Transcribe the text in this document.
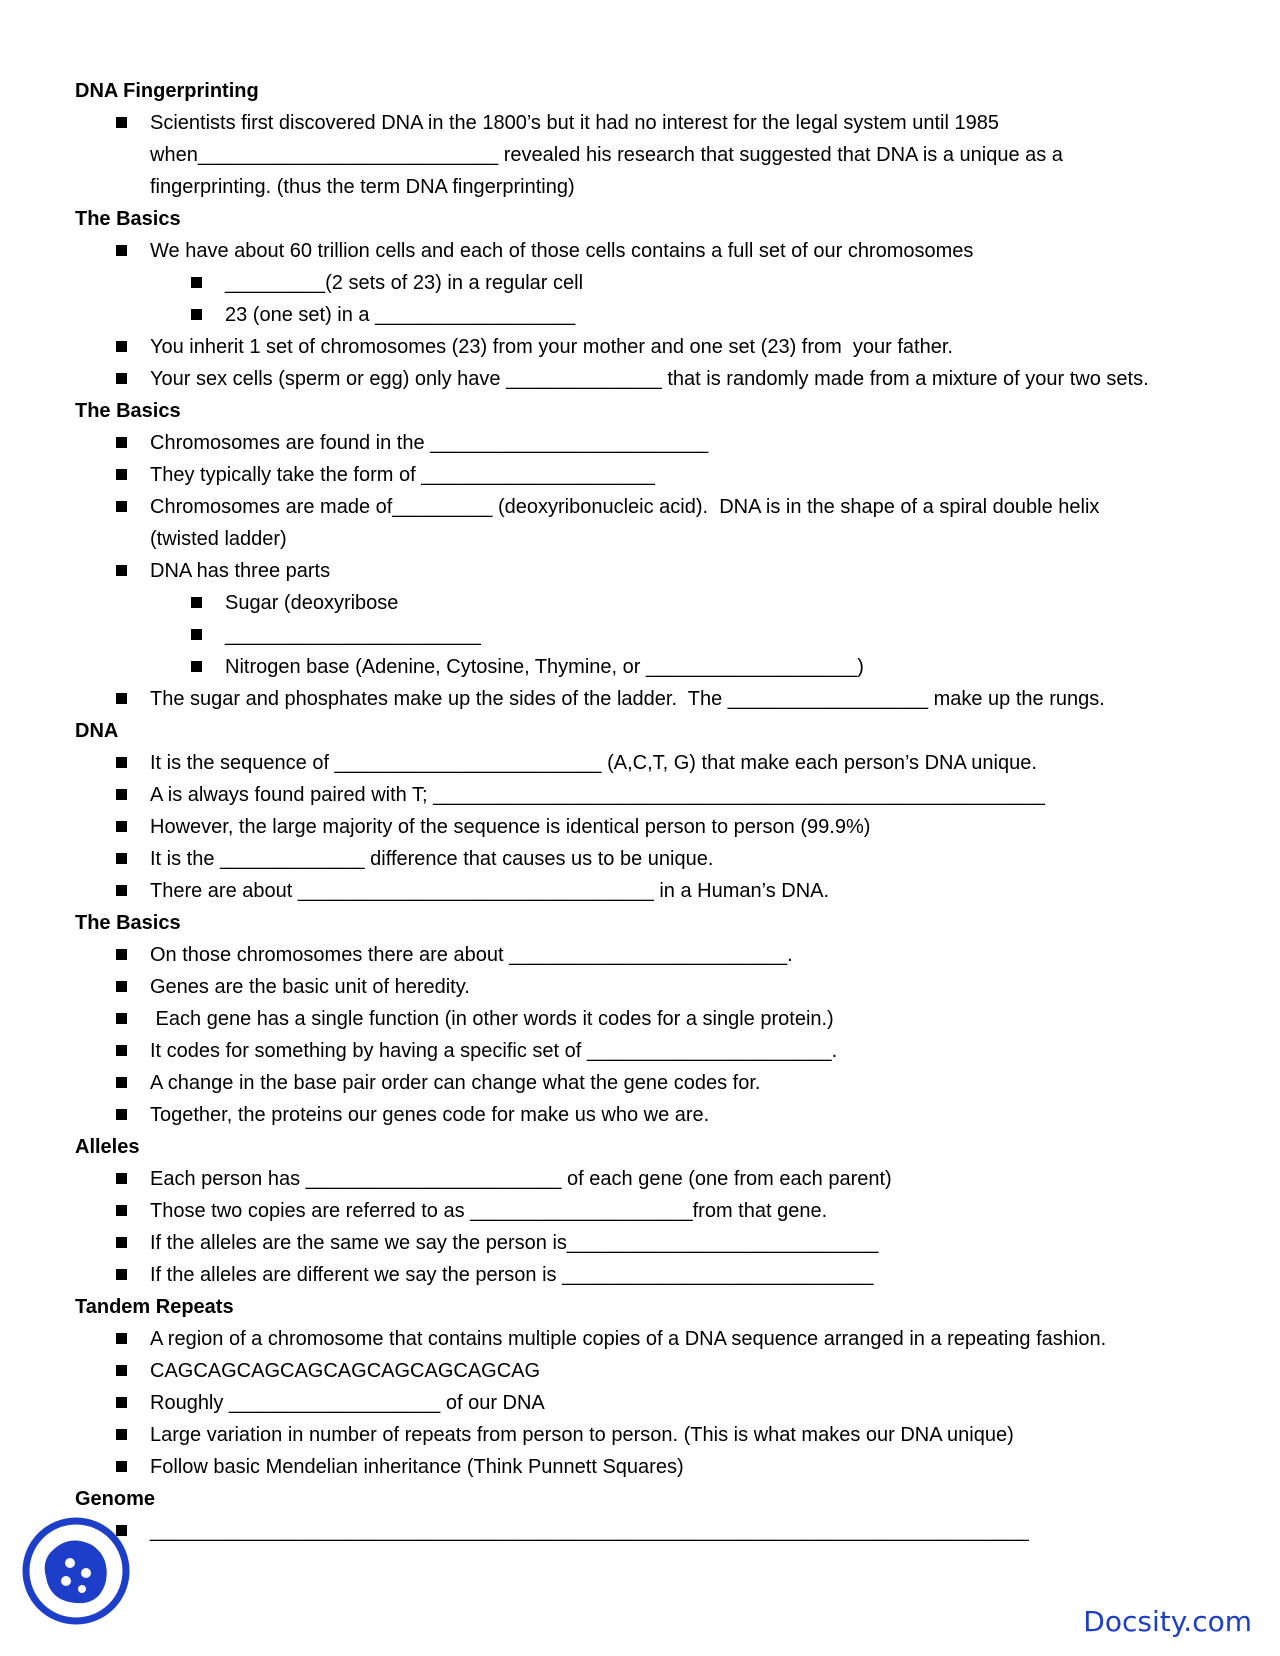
DNA Fingerprinting
Scientists first discovered DNA in the 1800’s but it had no interest for the legal system until 1985
when___________________________ revealed his research that suggested that DNA is a unique as a
fingerprinting. (thus the term DNA fingerprinting)
The Basics
We have about 60 trillion cells and each of those cells contains a full set of our chromosomes
_________(2 sets of 23) in a regular cell
23 (one set) in a __________________
You inherit 1 set of chromosomes (23) from your mother and one set (23) from  your father.
Your sex cells (sperm or egg) only have ______________ that is randomly made from a mixture of your two sets.
The Basics
Chromosomes are found in the _________________________
They typically take the form of _____________________
Chromosomes are made of_________ (deoxyribonucleic acid).  DNA is in the shape of a spiral double helix
(twisted ladder)
DNA has three parts
Sugar (deoxyribose
_______________________
Nitrogen base (Adenine, Cytosine, Thymine, or ___________________)
The sugar and phosphates make up the sides of the ladder.  The __________________ make up the rungs.
DNA
It is the sequence of ________________________ (A,C,T, G) that make each person’s DNA unique.
A is always found paired with T; _______________________________________________________
However, the large majority of the sequence is identical person to person (99.9%)
It is the _____________ difference that causes us to be unique.
There are about ________________________________ in a Human’s DNA.
The Basics
On those chromosomes there are about _________________________.
Genes are the basic unit of heredity.
Each gene has a single function (in other words it codes for a single protein.)
It codes for something by having a specific set of ______________________.
A change in the base pair order can change what the gene codes for.
Together, the proteins our genes code for make us who we are.
Alleles
Each person has _______________________ of each gene (one from each parent)
Those two copies are referred to as ____________________from that gene.
If the alleles are the same we say the person is____________________________
If the alleles are different we say the person is ____________________________
Tandem Repeats
A region of a chromosome that contains multiple copies of a DNA sequence arranged in a repeating fashion.
CAGCAGCAGCAGCAGCAGCAGCAGCAG
Roughly ___________________ of our DNA
Large variation in number of repeats from person to person. (This is what makes our DNA unique)
Follow basic Mendelian inheritance (Think Punnett Squares)
Genome
_______________________________________________________________________________
Docsity.com
